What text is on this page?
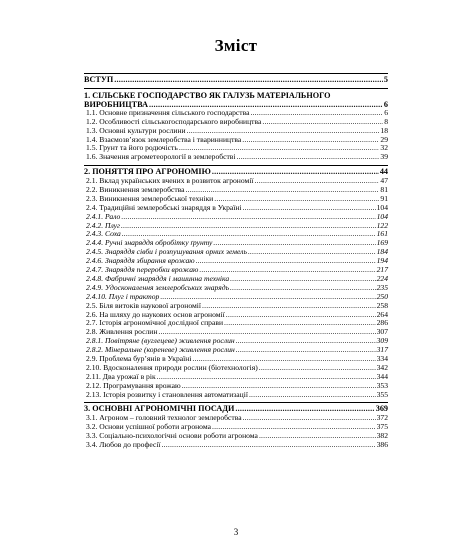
Зміст
ВСТУП .....	5
1. СІЛЬСЬКЕ ГОСПОДАРСТВО ЯК ГАЛУЗЬ МАТЕРІАЛЬНОГО
ВИРОБНИЦТВА .....	6
1.1. Основне призначення сільського господарства .....	6
1.2. Особливості сільськогосподарського виробництва .....	8
1.3. Основні культури рослини .....	18
1.4. Взаємозв’язок землеробства і тваринництва .....	29
1.5. Грунт та його родючість .....	32
1.6. Значення агрометеорології в землеробстві .....	39
2. ПОНЯТТЯ ПРО АГРОНОМІЮ .....	44
2.1. Вклад українських вчених в розвиток агрономії .....	47
2.2. Виникнення землеробства .....	81
2.3. Виникнення землеробської техніки .....	91
2.4. Традиційні землеробські знаряддя в Україні .....	104
2.4.1. Рало .....	104
2.4.2. Плуг .....	122
2.4.3. Соха .....	161
2.4.4. Ручні знаряддя обробітку ґрунту .....	169
2.4.5. Знаряддя сівби і розпушування орних земель .....	184
2.4.6. Знаряддя збирання врожаю .....	194
2.4.7. Знаряддя переробки врожаю .....	217
2.4.8. Фабричні знаряддя і машинна техніка .....	224
2.4.9. Удосконалення землеробських знарядь .....	235
2.4.10. Плуг і трактор .....	250
2.5. Біля витоків наукової агрономії .....	258
2.6. На шляху до наукових основ агрономії .....	264
2.7. Історія агрономічної дослідної справи .....	286
2.8. Живлення рослин .....	307
2.8.1. Повітряне (вуглецеве) живлення рослин .....	309
2.8.2. Мінеральне (кореневе) живлення рослин .....	317
2.9. Проблема бур’янів в Україні .....	334
2.10. Вдосконалення природи рослин (біотехнологія) .....	342
2.11. Два урожаї в рік .....	344
2.12. Програмування врожаю .....	353
2.13. Історія розвитку і становлення автоматизації .....	355
3. ОСНОВНІ АГРОНОМІЧНІ ПОСАДИ .....	369
3.1. Агроном – головний технолог землеробства .....	372
3.2. Основи успішної роботи агронома .....	375
3.3. Соціально-психологічні основи роботи агронома .....	382
3.4. Любов до професії .....	386
3
